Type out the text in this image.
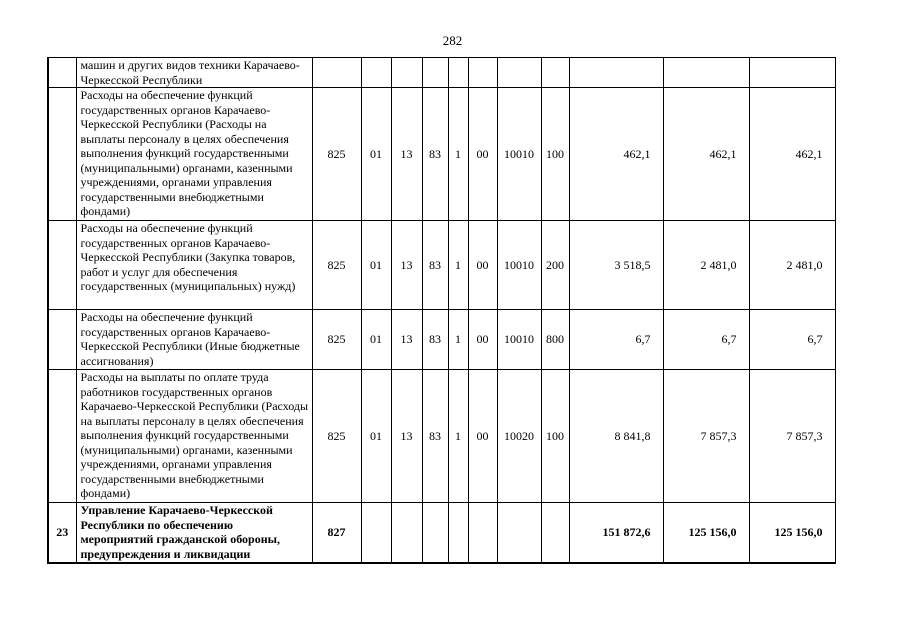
282
	машин и других видов техники Карачаево-Черкесской Республики											
	Расходы на обеспечение функций государственных органов Карачаево-Черкесской Республики (Расходы на выплаты персоналу в целях обеспечения выполнения функций государственными (муниципальными) органами, казенными учреждениями, органами управления государственными внебюджетными фондами)	825	01	13	83	1	00	10010	100	462,1	462,1	462,1
	Расходы на обеспечение функций государственных органов Карачаево-Черкесской Республики (Закупка товаров, работ и услуг для обеспечения государственных (муниципальных) нужд)	825	01	13	83	1	00	10010	200	3 518,5	2 481,0	2 481,0
	Расходы на обеспечение функций государственных органов Карачаево-Черкесской Республики (Иные бюджетные ассигнования)	825	01	13	83	1	00	10010	800	6,7	6,7	6,7
	Расходы на выплаты по оплате труда работников государственных органов Карачаево-Черкесской Республики (Расходы на выплаты персоналу в целях обеспечения выполнения функций государственными (муниципальными) органами, казенными учреждениями, органами управления государственными внебюджетными фондами)	825	01	13	83	1	00	10020	100	8 841,8	7 857,3	7 857,3
23	Управление Карачаево-Черкесской Республики по обеспечению мероприятий гражданской обороны, предупреждения и ликвидации	827								151 872,6	125 156,0	125 156,0
